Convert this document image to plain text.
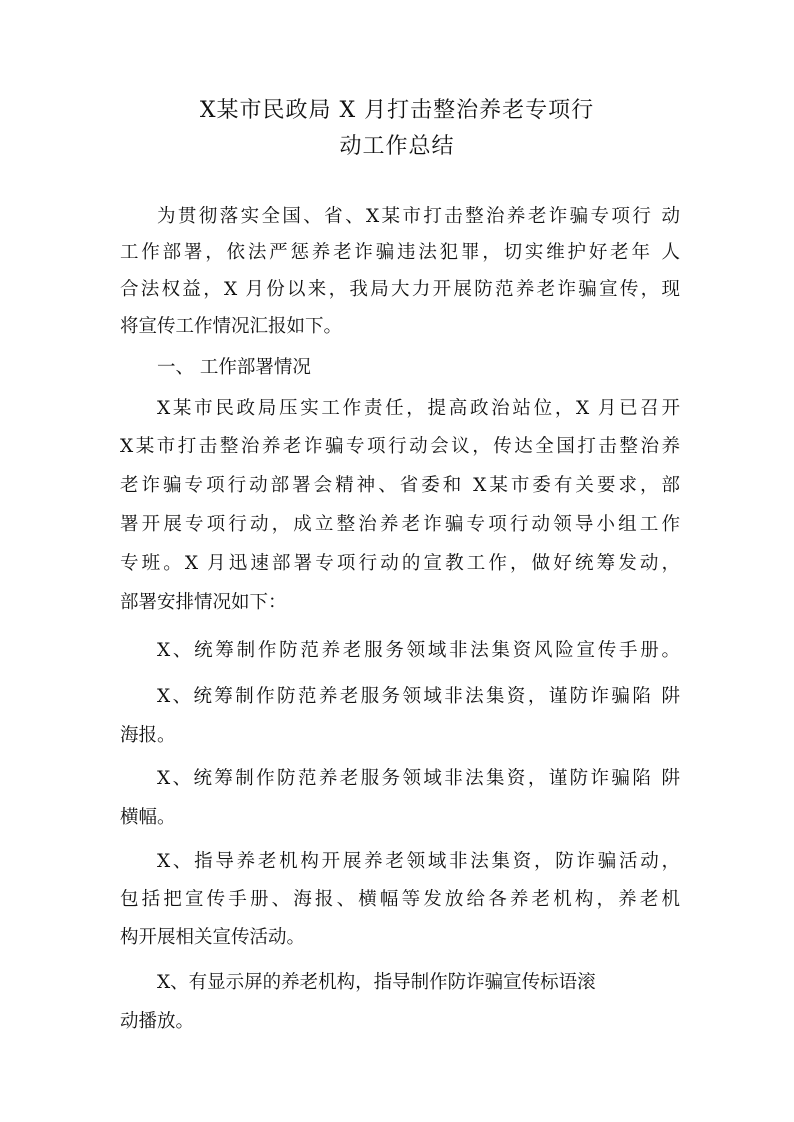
X某市民政局 X 月打击整治养老专项行
动工作总结
为贯彻落实全国、省、X某市打击整治养老诈骗专项行 动
工作部署，依法严惩养老诈骗违法犯罪，切实维护好老年 人
合法权益，X 月份以来，我局大力开展防范养老诈骗宣传，现
将宣传工作情况汇报如下。
一、 工作部署情况
X某市民政局压实工作责任，提高政治站位，X 月已召开
X某市打击整治养老诈骗专项行动会议，传达全国打击整治养
老诈骗专项行动部署会精神、省委和 X某市委有关要求，部
署开展专项行动，成立整治养老诈骗专项行动领导小组工作
专班。X 月迅速部署专项行动的宣教工作，做好统筹发动，
部署安排情况如下：
X、统筹制作防范养老服务领域非法集资风险宣传手册。
X、统筹制作防范养老服务领域非法集资，谨防诈骗陷 阱
海报。
X、统筹制作防范养老服务领域非法集资，谨防诈骗陷 阱
横幅。
X、指导养老机构开展养老领域非法集资，防诈骗活动，
包括把宣传手册、海报、横幅等发放给各养老机构，养老机
构开展相关宣传活动。
X、有显示屏的养老机构，指导制作防诈骗宣传标语滚
动播放。
